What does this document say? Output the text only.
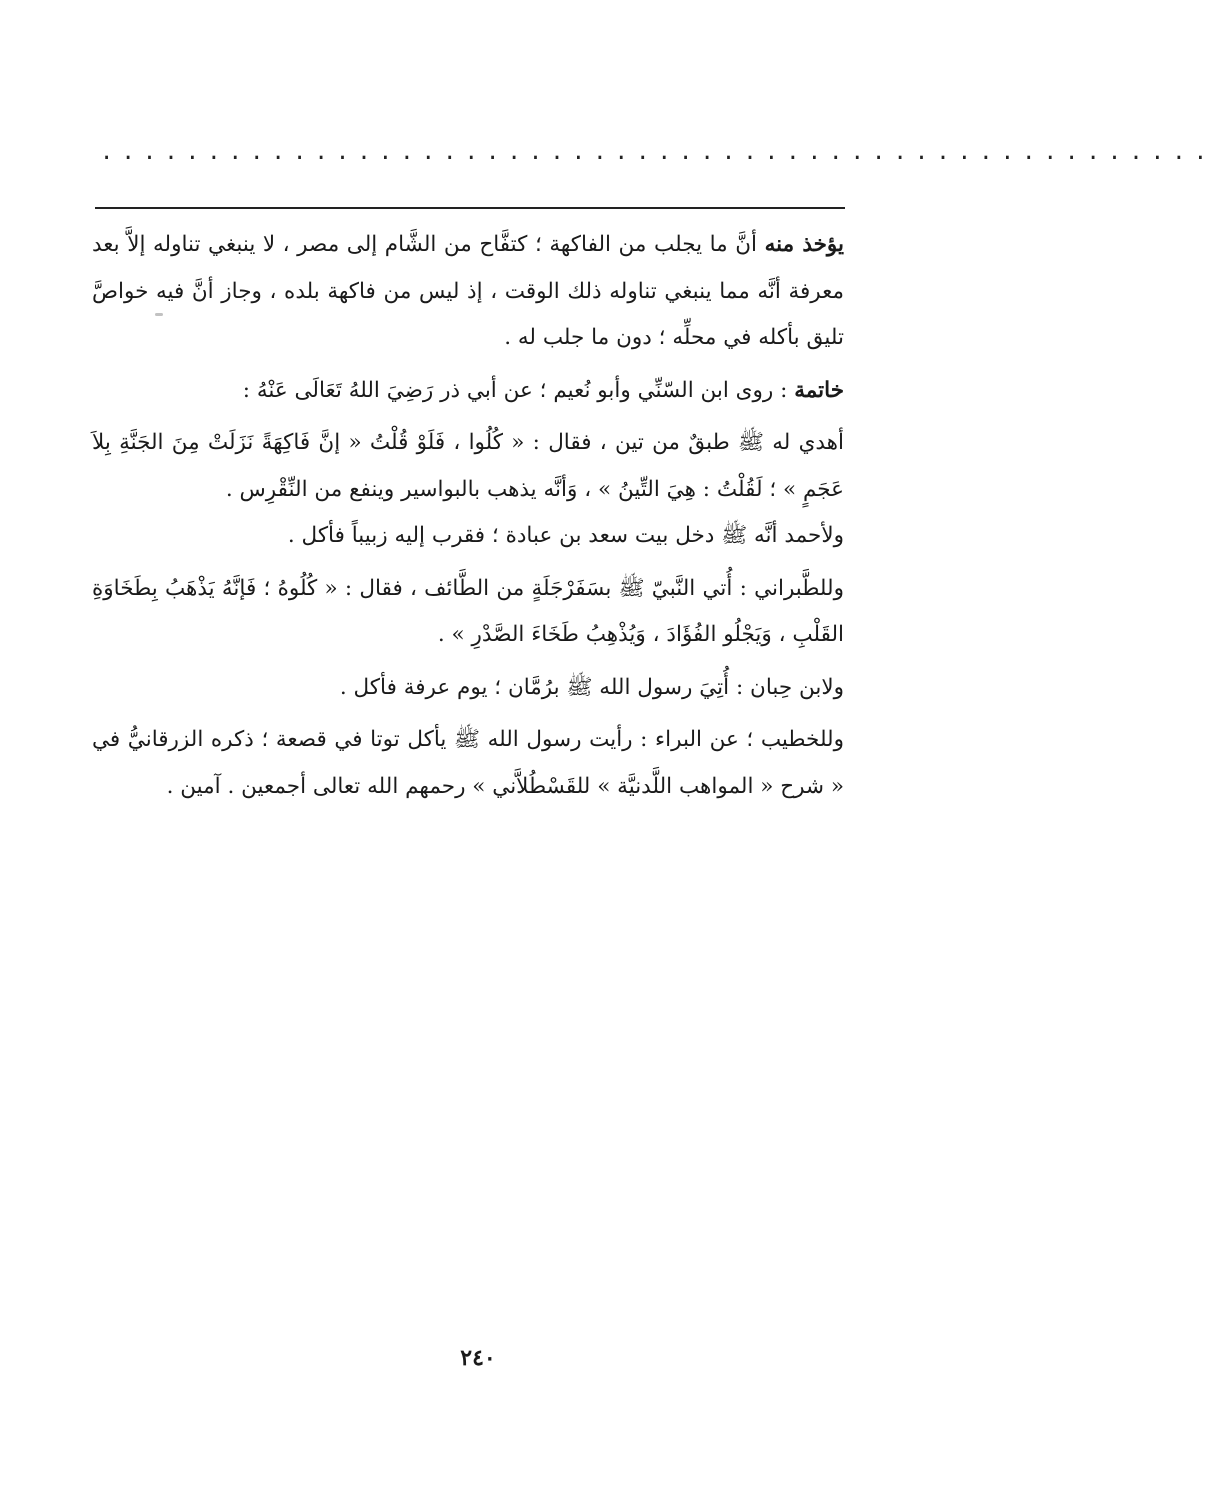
....................................................

يؤخذ منه أنَّ ما يجلب من الفاكهة ؛ كتفَّاح من الشَّام إلى مصر ، لا ينبغي تناوله إلاَّ بعد معرفة أنَّه مما ينبغي تناوله ذلك الوقت ، إذ ليس من فاكهة بلده ، وجاز أنَّ فيه خواصَّ تليق بأكله في محلِّه ؛ دون ما جلب له .

خاتمة : روى ابن السّنِّي وأبو نُعيم ؛ عن أبي ذر رَضِيَ اللهُ تَعَالَى عَنْهُ :

أهدي له ﷺ طبقٌ من تين ، فقال : « كُلُوا ، فَلَوْ قُلْتُ « إنَّ فَاكِهَةً نَزَلَتْ مِنَ الجَنَّةِ بِلاَ عَجَمٍ » ؛ لَقُلْتُ : هِيَ التِّينُ » ، وَأنَّه يذهب بالبواسير وينفع من النِّقْرِس .

ولأحمد أنَّه ﷺ دخل بيت سعد بن عبادة ؛ فقرب إليه زبيباً فأكل .

وللطَّبراني : أُتي النَّبيّ ﷺ بسَفَرْجَلَةٍ من الطَّائف ، فقال : « كُلُوهُ ؛ فَإنَّهُ يَذْهَبُ بِطَخَاوَةِ القَلْبِ ، وَيَجْلُو الفُؤَادَ ، وَيُذْهِبُ طَخَاءَ الصَّدْرِ » .

ولابن حِبان : أُتِيَ رسول الله ﷺ برُمَّان ؛ يوم عرفة فأكل .

وللخطيب ؛ عن البراء : رأيت رسول الله ﷺ يأكل توتا في قصعة ؛ ذكره الزرقانيُّ في « شرح « المواهب اللَّدنيَّة » للقَسْطُلاَّني » رحمهم الله تعالى أجمعين . آمين .

٢٤٠
